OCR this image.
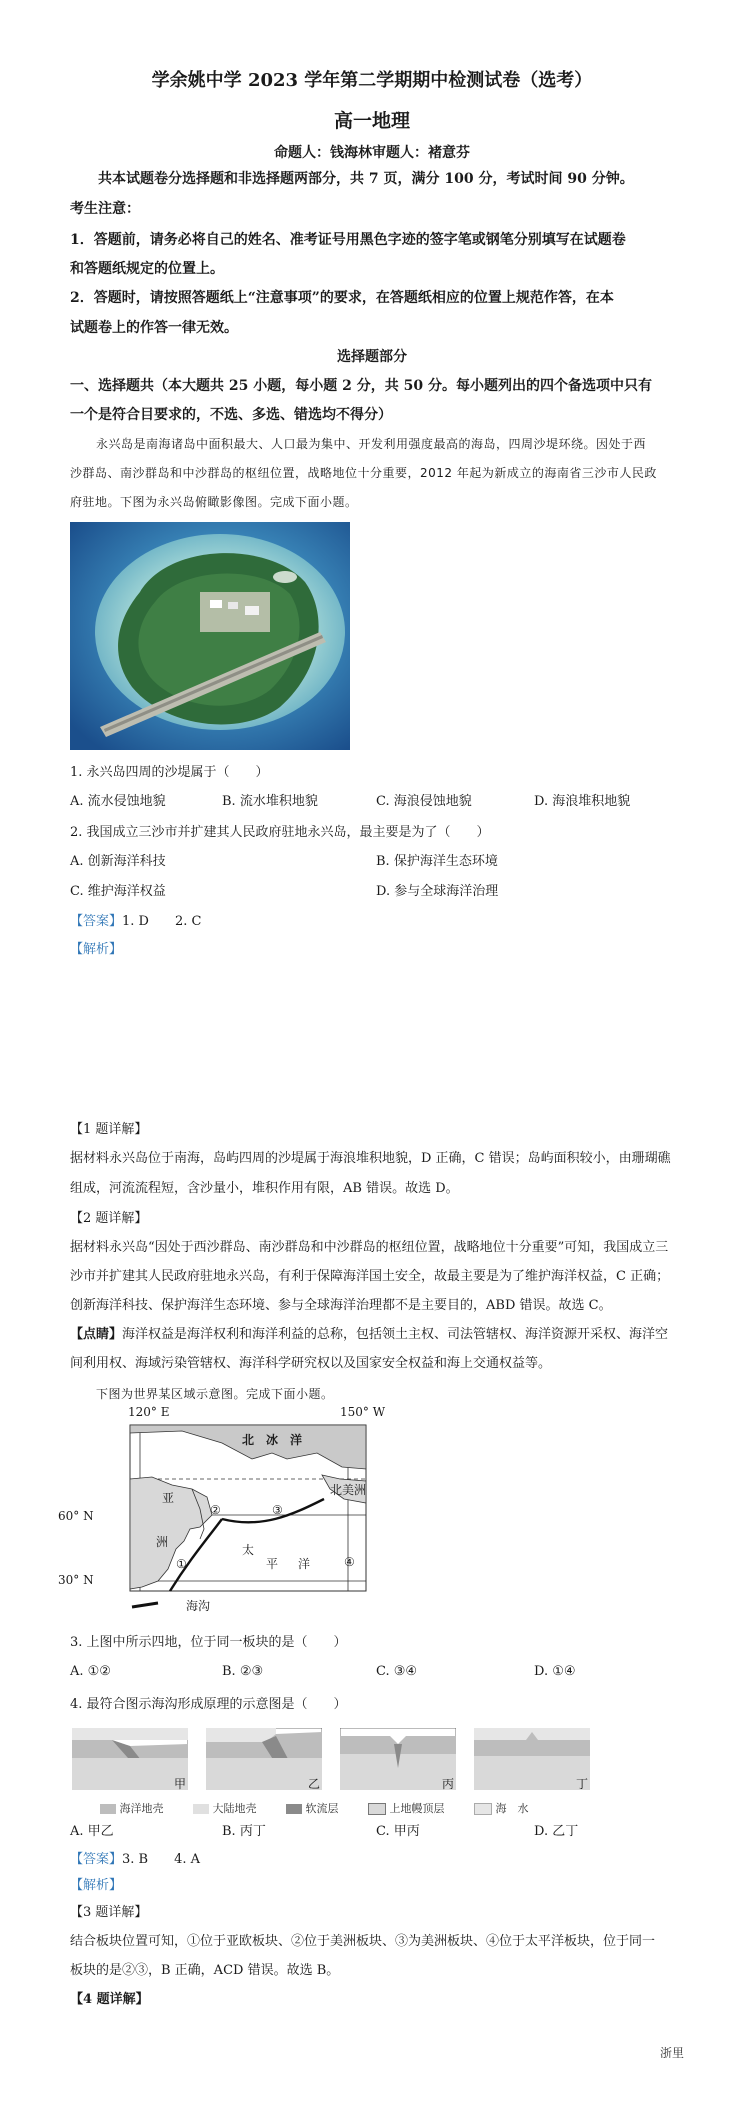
学余姚中学 2023 学年第二学期期中检测试卷（选考）
高一地理
命题人：钱海林审题人：褚意芬
共本试题卷分选择题和非选择题两部分，共 7 页，满分 100 分，考试时间 90 分钟。
考生注意：
1．答题前，请务必将自己的姓名、准考证号用黑色字迹的签字笔或钢笔分别填写在试题卷
和答题纸规定的位置上。
2．答题时，请按照答题纸上“注意事项”的要求，在答题纸相应的位置上规范作答，在本
试题卷上的作答一律无效。
选择题部分
一、选择题共（本大题共 25 小题，每小题 2 分，共 50 分。每小题列出的四个备选项中只有
一个是符合目要求的，不选、多选、错选均不得分）
永兴岛是南海诸岛中面积最大、人口最为集中、开发利用强度最高的海岛，四周沙堤环绕。因处于西
沙群岛、南沙群岛和中沙群岛的枢纽位置，战略地位十分重要，2012 年起为新成立的海南省三沙市人民政
府驻地。下图为永兴岛俯瞰影像图。完成下面小题。
1. 永兴岛四周的沙堤属于（　　）
A. 流水侵蚀地貌	B. 流水堆积地貌	C. 海浪侵蚀地貌	D. 海浪堆积地貌
2. 我国成立三沙市并扩建其人民政府驻地永兴岛，最主要是为了（　　）
A. 创新海洋科技	B. 保护海洋生态环境
C. 维护海洋权益	D. 参与全球海洋治理
【答案】1. D　　2. C
【解析】
【1 题详解】
据材料永兴岛位于南海，岛屿四周的沙堤属于海浪堆积地貌，D 正确，C 错误；岛屿面积较小，由珊瑚礁
组成，河流流程短，含沙量小，堆积作用有限，AB 错误。故选 D。
【2 题详解】
据材料永兴岛“因处于西沙群岛、南沙群岛和中沙群岛的枢纽位置，战略地位十分重要”可知，我国成立三
沙市并扩建其人民政府驻地永兴岛，有利于保障海洋国土安全，故最主要是为了维护海洋权益，C 正确；
创新海洋科技、保护海洋生态环境、参与全球海洋治理都不是主要目的，ABD 错误。故选 C。
【点睛】海洋权益是海洋权利和海洋利益的总称，包括领土主权、司法管辖权、海洋资源开采权、海洋空
间利用权、海域污染管辖权、海洋科学研究权以及国家安全权益和海上交通权益等。
下图为世界某区域示意图。完成下面小题。
120° E	150° W
60° N
30° N
北　冰　洋
亚
洲
北美洲
太
平 洋
①
②	③
④
海沟
3. 上图中所示四地，位于同一板块的是（　　）
A. ①②	B. ②③	C. ③④	D. ①④
4. 最符合图示海沟形成原理的示意图是（　　）
甲	乙	丙	丁
海洋地壳	大陆地壳	软流层	上地幔顶层	海　水
A. 甲乙	B. 丙丁	C. 甲丙	D. 乙丁
【答案】3. B　　4. A
【解析】
【3 题详解】
结合板块位置可知，①位于亚欧板块、②位于美洲板块、③为美洲板块、④位于太平洋板块，位于同一
板块的是②③，B 正确，ACD 错误。故选 B。
【4 题详解】
浙里
